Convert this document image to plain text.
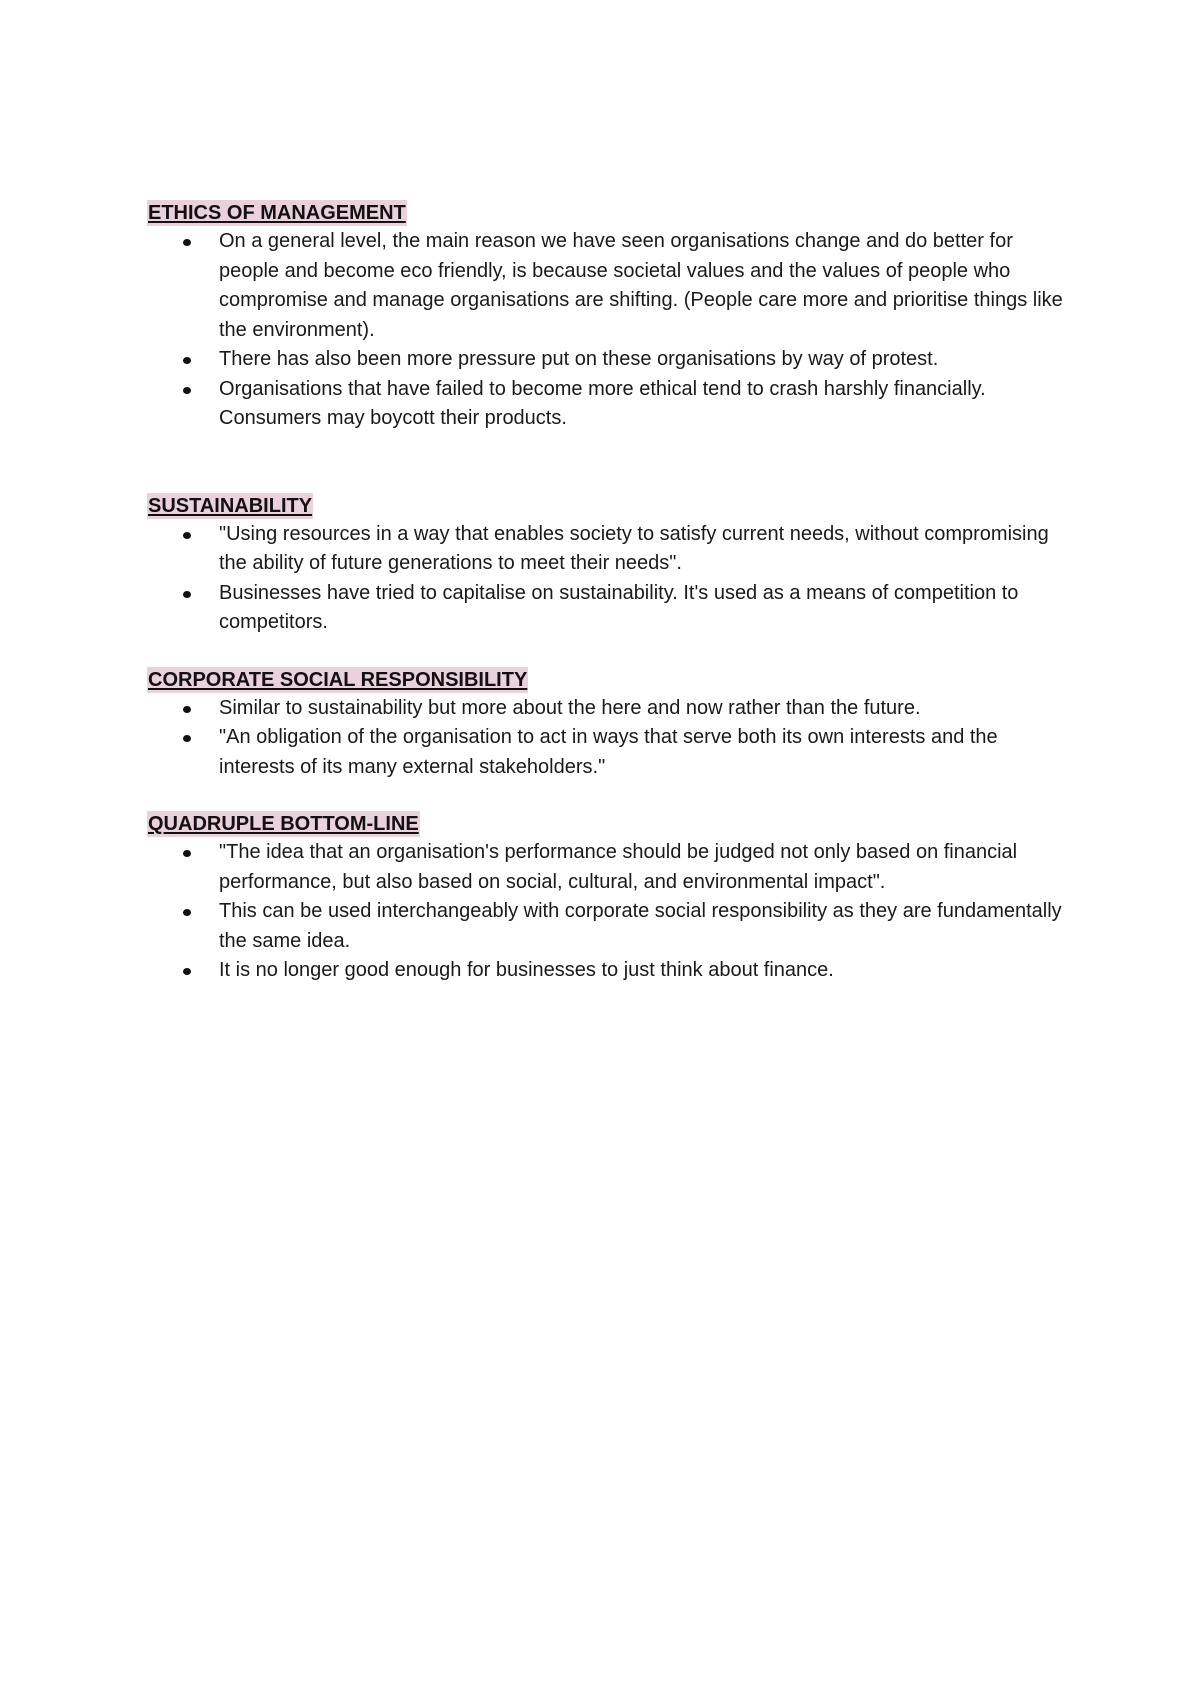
ETHICS OF MANAGEMENT
On a general level, the main reason we have seen organisations change and do better for people and become eco friendly, is because societal values and the values of people who compromise and manage organisations are shifting. (People care more and prioritise things like the environment).
There has also been more pressure put on these organisations by way of protest.
Organisations that have failed to become more ethical tend to crash harshly financially. Consumers may boycott their products.
SUSTAINABILITY
"Using resources in a way that enables society to satisfy current needs, without compromising the ability of future generations to meet their needs".
Businesses have tried to capitalise on sustainability. It's used as a means of competition to competitors.
CORPORATE SOCIAL RESPONSIBILITY
Similar to sustainability but more about the here and now rather than the future.
"An obligation of the organisation to act in ways that serve both its own interests and the interests of its many external stakeholders."
QUADRUPLE BOTTOM-LINE
"The idea that an organisation's performance should be judged not only based on financial performance, but also based on social, cultural, and environmental impact".
This can be used interchangeably with corporate social responsibility as they are fundamentally the same idea.
It is no longer good enough for businesses to just think about finance.
